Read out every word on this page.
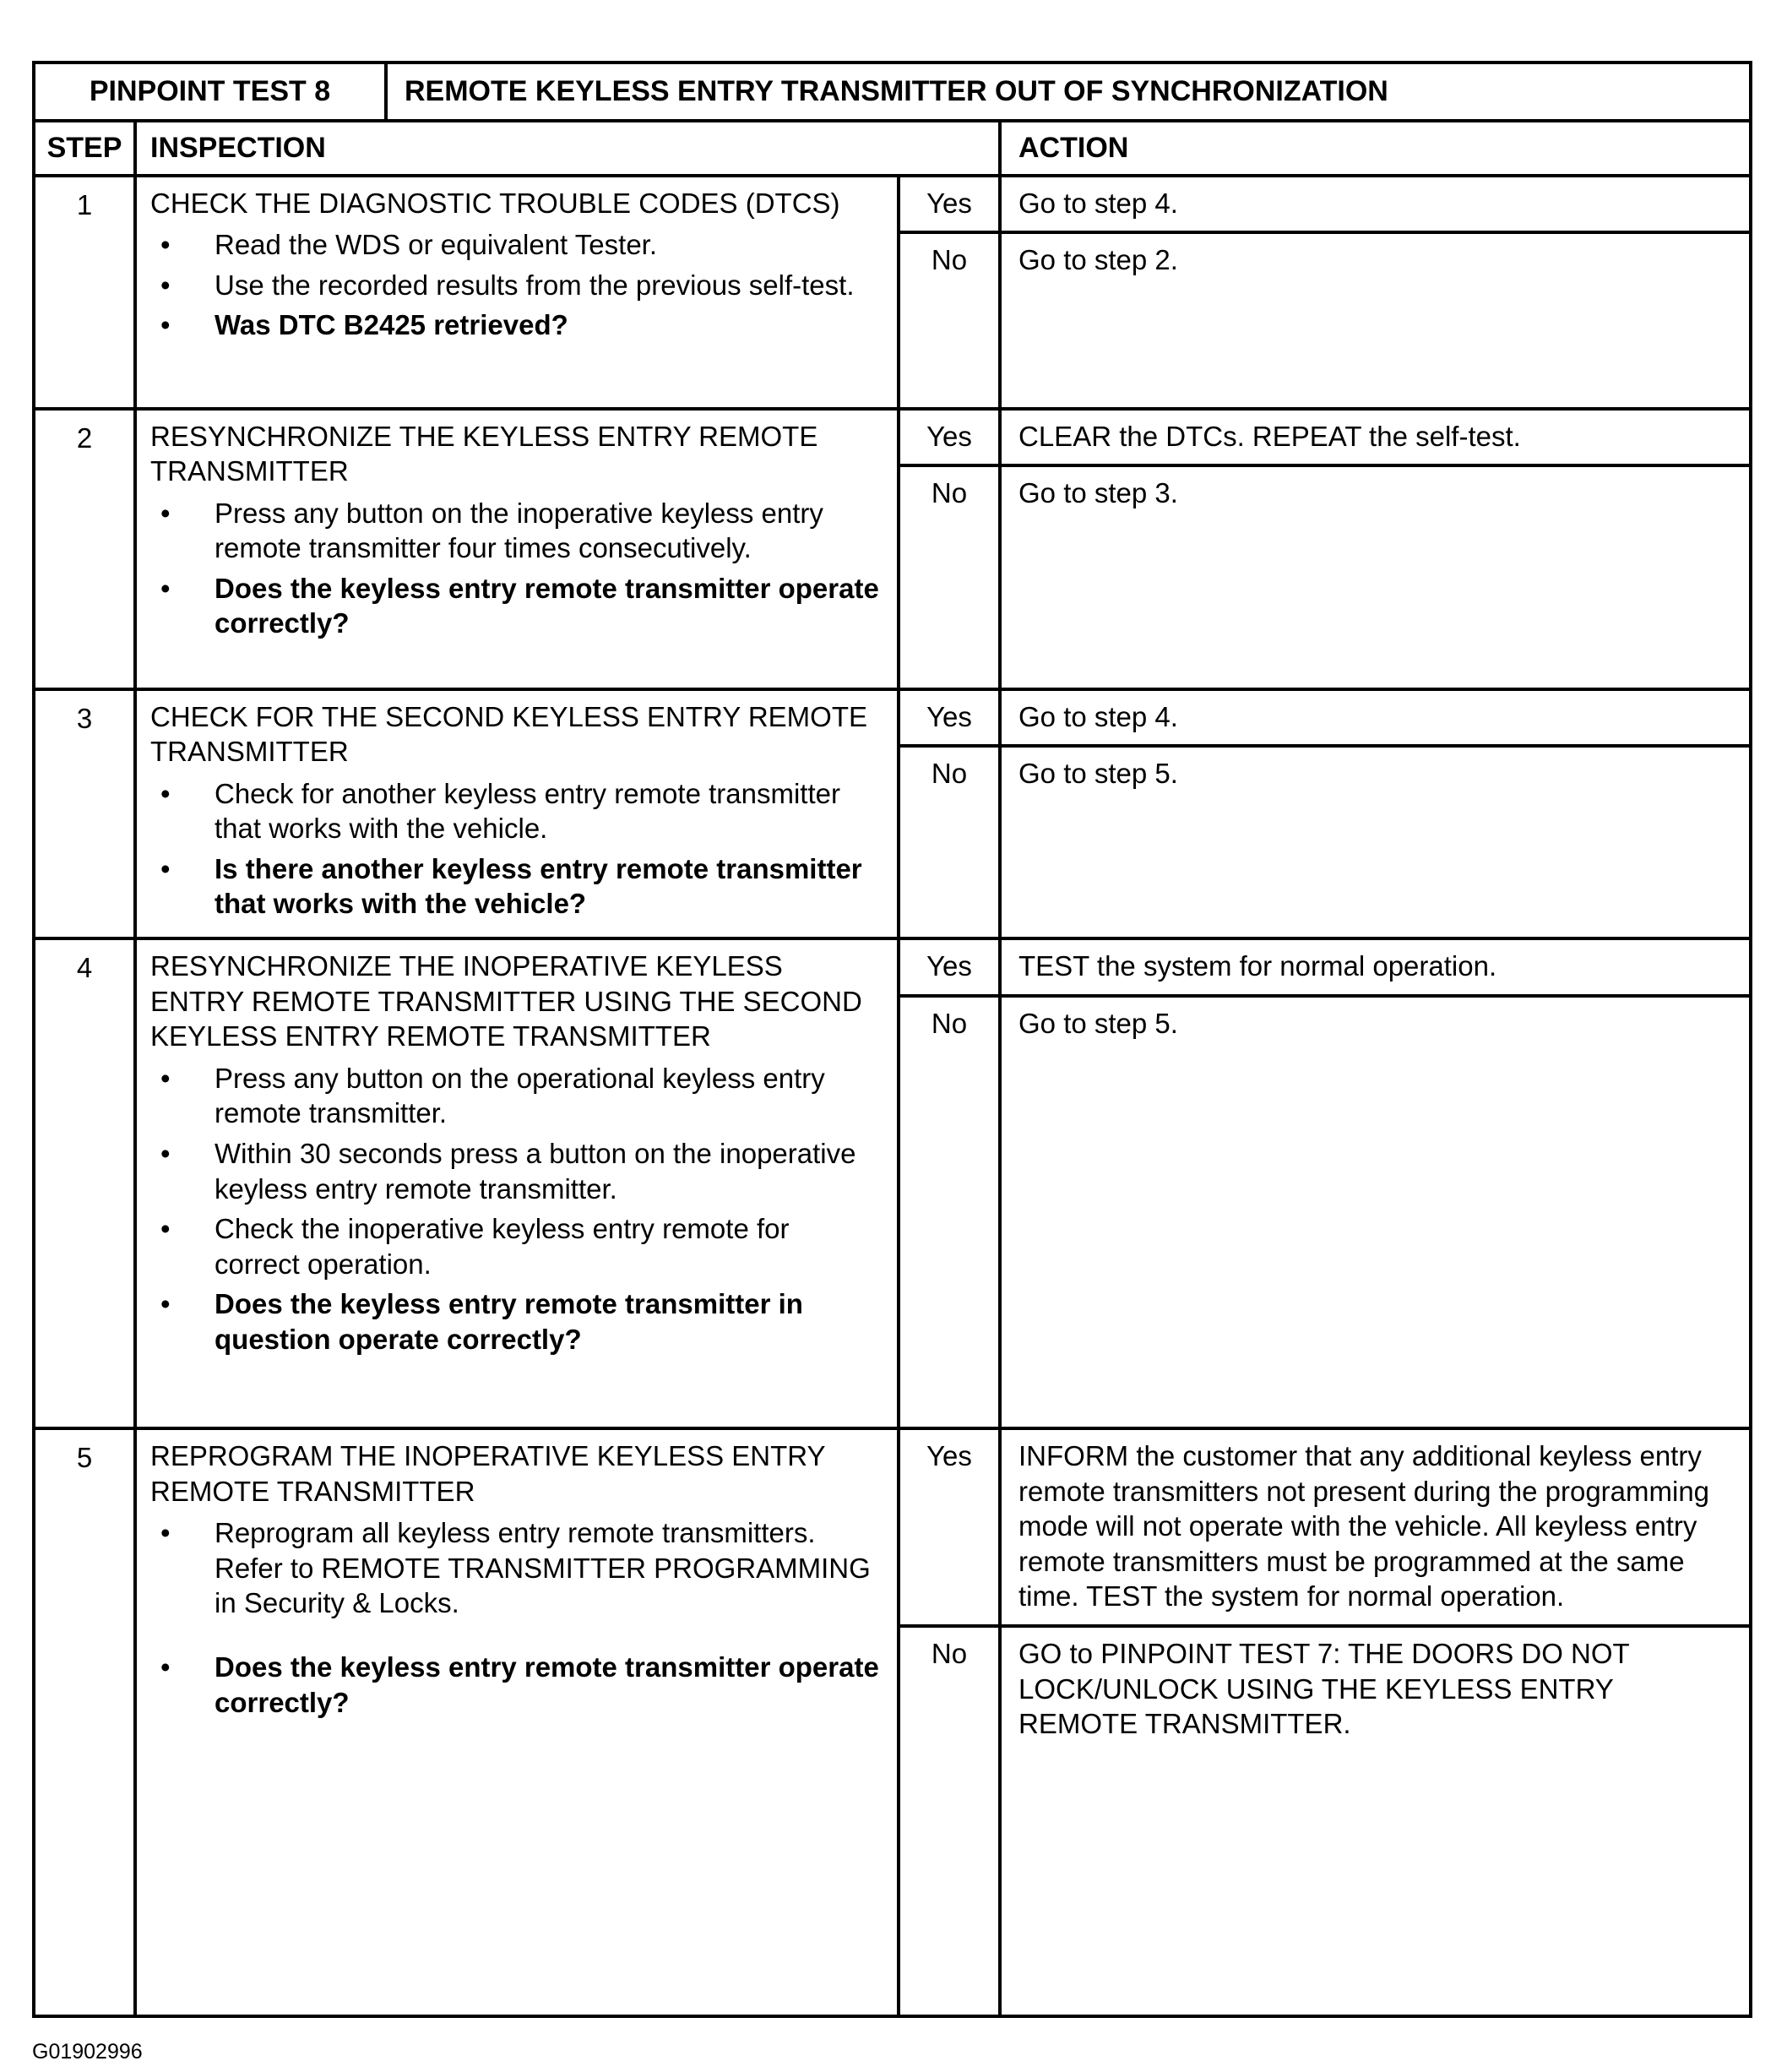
PINPOINT TEST 8	REMOTE KEYLESS ENTRY TRANSMITTER OUT OF SYNCHRONIZATION
STEP INSPECTION	ACTION
1	CHECK THE DIAGNOSTIC TROUBLE CODES (DTCS)
•	Read the WDS or equivalent Tester.
•	Use the recorded results from the previous self-test.
•	Was DTC B2425 retrieved?
Yes	Go to step 4.
No	Go to step 2.
2	RESYNCHRONIZE THE KEYLESS ENTRY REMOTE TRANSMITTER
•	Press any button on the inoperative keyless entry remote transmitter four times consecutively.
•	Does the keyless entry remote transmitter operate correctly?
Yes	CLEAR the DTCs. REPEAT the self-test.
No	Go to step 3.
3	CHECK FOR THE SECOND KEYLESS ENTRY REMOTE TRANSMITTER
•	Check for another keyless entry remote transmitter that works with the vehicle.
•	Is there another keyless entry remote transmitter that works with the vehicle?
Yes	Go to step 4.
No	Go to step 5.
4	RESYNCHRONIZE THE INOPERATIVE KEYLESS ENTRY REMOTE TRANSMITTER USING THE SECOND KEYLESS ENTRY REMOTE TRANSMITTER
•	Press any button on the operational keyless entry remote transmitter.
•	Within 30 seconds press a button on the inoperative keyless entry remote transmitter.
•	Check the inoperative keyless entry remote for correct operation.
•	Does the keyless entry remote transmitter in question operate correctly?
Yes	TEST the system for normal operation.
No	Go to step 5.
5	REPROGRAM THE INOPERATIVE KEYLESS ENTRY REMOTE TRANSMITTER
•	Reprogram all keyless entry remote transmitters. Refer to REMOTE TRANSMITTER PROGRAMMING in Security & Locks.
•	Does the keyless entry remote transmitter operate correctly?
Yes	INFORM the customer that any additional keyless entry remote transmitters not present during the programming mode will not operate with the vehicle. All keyless entry remote transmitters must be programmed at the same time. TEST the system for normal operation.
No	GO to PINPOINT TEST 7: THE DOORS DO NOT LOCK/UNLOCK USING THE KEYLESS ENTRY REMOTE TRANSMITTER.
G01902996
